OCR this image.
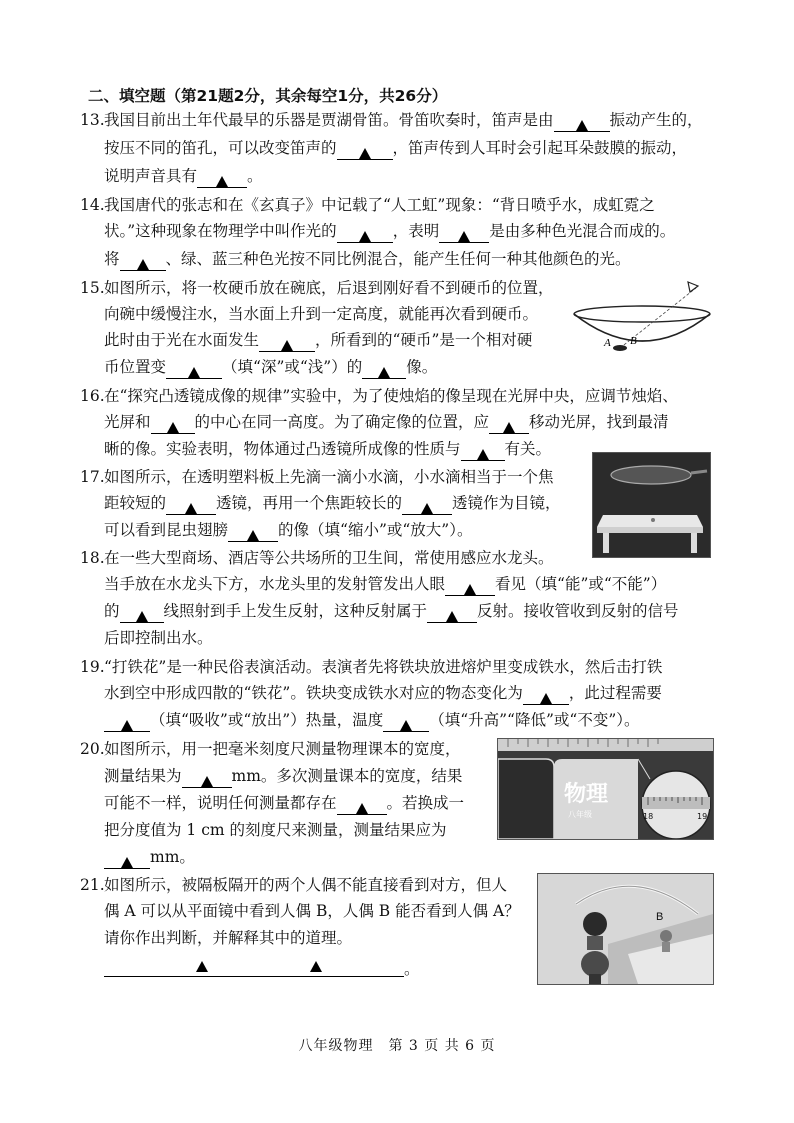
二、填空题（第21题2分，其余每空1分，共26分）
13.我国目前出土年代最早的乐器是贾湖骨笛。骨笛吹奏时，笛声是由	振动产生的，
按压不同的笛孔，可以改变笛声的	，笛声传到人耳时会引起耳朵鼓膜的振动，
说明声音具有	。
14.我国唐代的张志和在《玄真子》中记载了“人工虹”现象：“背日喷乎水，成虹霓之
状。”这种现象在物理学中叫作光的	，表明	是由多种色光混合而成的。
将	、绿、蓝三种色光按不同比例混合，能产生任何一种其他颜色的光。
15.如图所示，将一枚硬币放在碗底，后退到刚好看不到硬币的位置，
向碗中缓慢注水，当水面上升到一定高度，就能再次看到硬币。
此时由于光在水面发生	，所看到的“硬币”是一个相对硬
币位置变	（填“深”或“浅”）的	像。
A B
16.在“探究凸透镜成像的规律”实验中，为了使烛焰的像呈现在光屏中央，应调节烛焰、
光屏和	的中心在同一高度。为了确定像的位置，应	移动光屏，找到最清
晰的像。实验表明，物体通过凸透镜所成像的性质与	有关。
17.如图所示，在透明塑料板上先滴一滴小水滴，小水滴相当于一个焦
距较短的	透镜，再用一个焦距较长的	透镜作为目镜，
可以看到昆虫翅膀	的像（填“缩小”或“放大”）。
18.在一些大型商场、酒店等公共场所的卫生间，常使用感应水龙头。
当手放在水龙头下方，水龙头里的发射管发出人眼	看见（填“能”或“不能”）
的	线照射到手上发生反射，这种反射属于	反射。接收管收到反射的信号
后即控制出水。
19.“打铁花”是一种民俗表演活动。表演者先将铁块放进熔炉里变成铁水，然后击打铁
水到空中形成四散的“铁花”。铁块变成铁水对应的物态变化为	，此过程需要
（填“吸收”或“放出”）热量，温度	（填“升高”“降低”或“不变”）。
20.如图所示，用一把毫米刻度尺测量物理课本的宽度，
测量结果为	mm。多次测量课本的宽度，结果
可能不一样，说明任何测量都存在	。若换成一
把分度值为 1 cm 的刻度尺来测量，测量结果应为
mm。
物理
八年级	18	19
21.如图所示，被隔板隔开的两个人偶不能直接看到对方，但人
偶 A 可以从平面镜中看到人偶 B，人偶 B 能否看到人偶 A？
请你作出判断，并解释其中的道理。
。
B
八年级物理　第 3 页 共 6 页
